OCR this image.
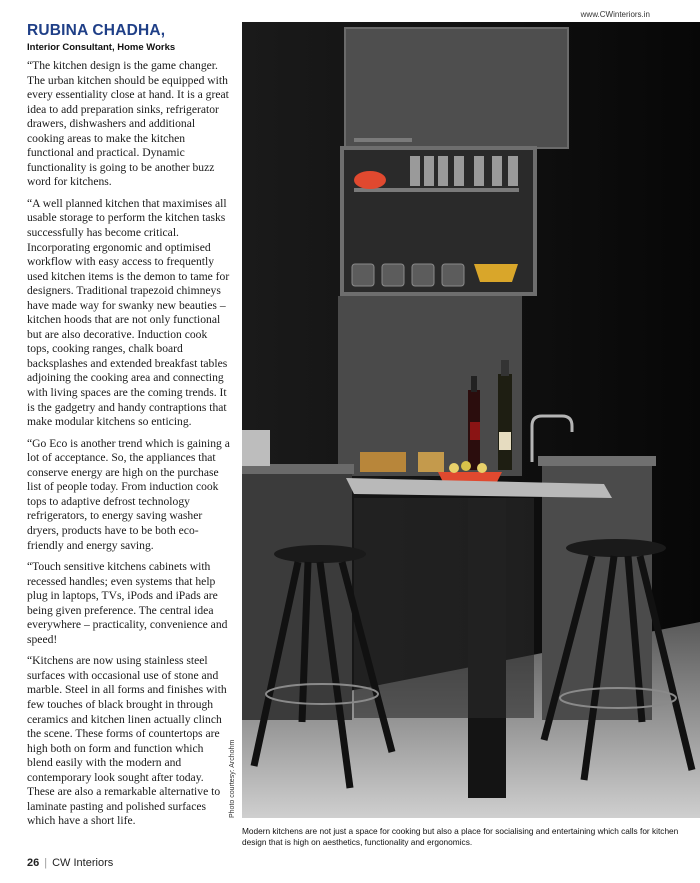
www.CWinteriors.in
RUBINA CHADHA,
Interior Consultant, Home Works

“The kitchen design is the game changer. The urban kitchen should be equipped with every essentiality close at hand. It is a great idea to add preparation sinks, refrigerator drawers, dishwashers and additional cooking areas to make the kitchen functional and practical. Dynamic functionality is going to be another buzz word for kitchens.

“A well planned kitchen that maximises all usable storage to perform the kitchen tasks successfully has become critical. Incorporating ergonomic and optimised workflow with easy access to frequently used kitchen items is the demon to tame for designers. Traditional trapezoid chimneys have made way for swanky new beauties – kitchen hoods that are not only functional but are also decorative. Induction cook tops, cooking ranges, chalk board backsplashes and extended breakfast tables adjoining the cooking area and connecting with living spaces are the coming trends. It is the gadgetry and handy contraptions that make modular kitchens so enticing.

“Go Eco is another trend which is gaining a lot of acceptance. So, the appliances that conserve energy are high on the purchase list of people today. From induction cook tops to adaptive defrost technology refrigerators, to energy saving washer dryers, products have to be both eco-friendly and energy saving.

“Touch sensitive kitchens cabinets with recessed handles; even systems that help plug in laptops, TVs, iPods and iPads are being given preference. The central idea everywhere – practicality, convenience and speed!

“Kitchens are now using stainless steel surfaces with occasional use of stone and marble. Steel in all forms and finishes with few touches of black brought in through ceramics and kitchen linen actually clinch the scene. These forms of countertops are high both on form and function which blend easily with the modern and contemporary look sought after today. These are also a remarkable alternative to laminate pasting and polished surfaces which have a short life.

Photo courtesy: Archohm
Modern kitchens are not just a space for cooking but also a place for socialising and entertaining which calls for kitchen design that is high on aesthetics, functionality and ergonomics.
26 | CW Interiors
